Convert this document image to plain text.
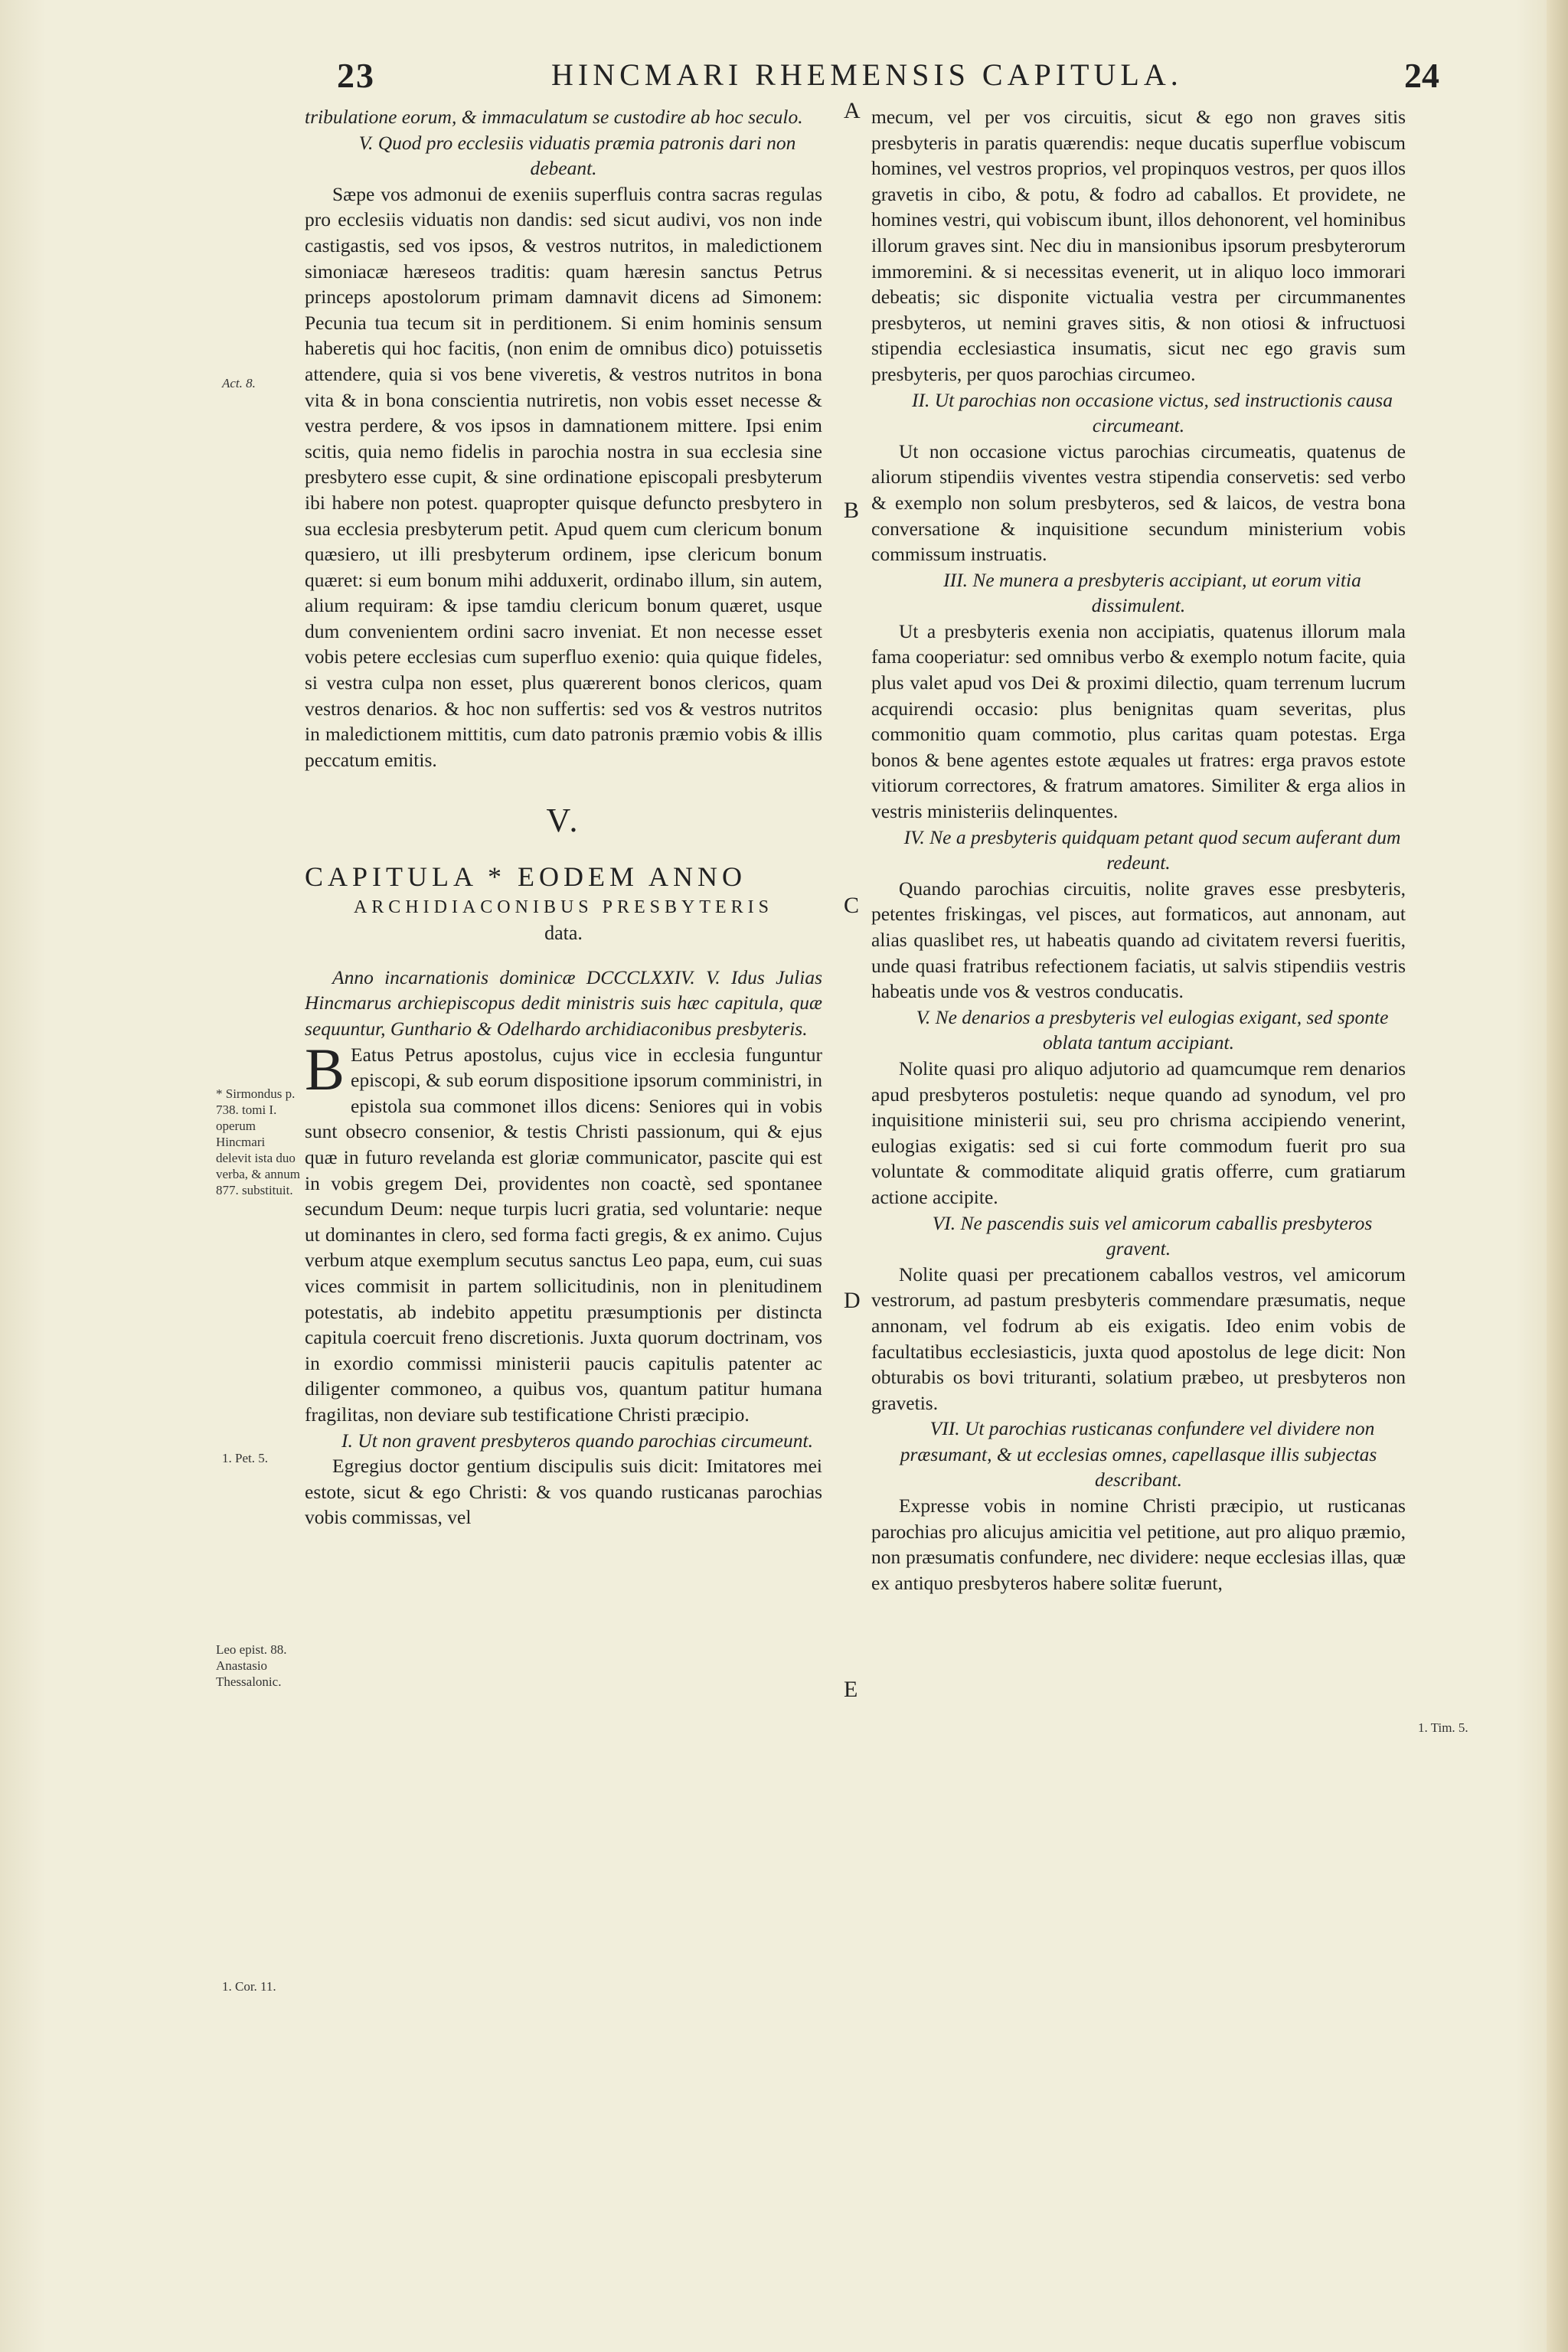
23	HINCMARI RHEMENSIS CAPITULA.	24
A
B
C
D
E
Act. 8.
* Sirmondus p. 738. tomi I. operum Hincmari delevit ista duo verba, & annum 877. substituit.
1. Pet. 5.
Leo epist. 88. Anastasio Thessalonic.
1. Cor. 11.
1. Tim. 5.

tribulatione eorum, & immaculatum se custodire ab hoc seculo.

V. Quod pro ecclesiis viduatis præmia patronis dari non debeant.

Sæpe vos admonui de exeniis superfluis contra sacras regulas pro ecclesiis viduatis non dandis: sed sicut audivi, vos non inde castigastis, sed vos ipsos, & vestros nutritos, in maledictionem simoniacæ hæreseos traditis: quam hæresin sanctus Petrus princeps apostolorum primam damnavit dicens ad Simonem: Pecunia tua tecum sit in perditionem. Si enim hominis sensum haberetis qui hoc facitis, (non enim de omnibus dico) potuissetis attendere, quia si vos bene viveretis, & vestros nutritos in bona vita & in bona conscientia nutriretis, non vobis esset necesse & vestra perdere, & vos ipsos in damnationem mittere. Ipsi enim scitis, quia nemo fidelis in parochia nostra in sua ecclesia sine presbytero esse cupit, & sine ordinatione episcopali presbyterum ibi habere non potest. quapropter quisque defuncto presbytero in sua ecclesia presbyterum petit. Apud quem cum clericum bonum quæsiero, ut illi presbyterum ordinem, ipse clericum bonum quæret: si eum bonum mihi adduxerit, ordinabo illum, sin autem, alium requiram: & ipse tamdiu clericum bonum quæret, usque dum convenientem ordini sacro inveniat. Et non necesse esset vobis petere ecclesias cum superfluo exenio: quia quique fideles, si vestra culpa non esset, plus quærerent bonos clericos, quam vestros denarios. & hoc non suffertis: sed vos & vestros nutritos in maledictionem mittitis, cum dato patronis præmio vobis & illis peccatum emitis.

V.
CAPITULA * EODEM ANNO
ARCHIDIACONIBUS PRESBYTERIS
data.

Anno incarnationis dominicæ DCCCLXXIV. V. Idus Julias Hincmarus archiepiscopus dedit ministris suis hæc capitula, quæ sequuntur, Gunthario & Odelhardo archidiaconibus presbyteris.

B Eatus Petrus apostolus, cujus vice in ecclesia funguntur episcopi, & sub eorum dispositione ipsorum comministri, in epistola sua commonet illos dicens: Seniores qui in vobis sunt obsecro consenior, & testis Christi passionum, qui & ejus quæ in futuro revelanda est gloriæ communicator, pascite qui est in vobis gregem Dei, providentes non coactè, sed spontanee secundum Deum: neque turpis lucri gratia, sed voluntarie: neque ut dominantes in clero, sed forma facti gregis, & ex animo. Cujus verbum atque exemplum secutus sanctus Leo papa, eum, cui suas vices commisit in partem sollicitudinis, non in plenitudinem potestatis, ab indebito appetitu præsumptionis per distincta capitula coercuit freno discretionis. Juxta quorum doctrinam, vos in exordio commissi ministerii paucis capitulis patenter ac diligenter commoneo, a quibus vos, quantum patitur humana fragilitas, non deviare sub testificatione Christi præcipio.

I. Ut non gravent presbyteros quando parochias circumeunt.

Egregius doctor gentium discipulis suis dicit: Imitatores mei estote, sicut & ego Christi: & vos quando rusticanas parochias vobis commissas, vel

mecum, vel per vos circuitis, sicut & ego non graves sitis presbyteris in paratis quærendis: neque ducatis superflue vobiscum homines, vel vestros proprios, vel propinquos vestros, per quos illos gravetis in cibo, & potu, & fodro ad caballos. Et providete, ne homines vestri, qui vobiscum ibunt, illos dehonorent, vel hominibus illorum graves sint. Nec diu in mansionibus ipsorum presbyterorum immoremini. & si necessitas evenerit, ut in aliquo loco immorari debeatis; sic disponite victualia vestra per circummanentes presbyteros, ut nemini graves sitis, & non otiosi & infructuosi stipendia ecclesiastica insumatis, sicut nec ego gravis sum presbyteris, per quos parochias circumeo.

II. Ut parochias non occasione victus, sed instructionis causa circumeant.

Ut non occasione victus parochias circumeatis, quatenus de aliorum stipendiis viventes vestra stipendia conservetis: sed verbo & exemplo non solum presbyteros, sed & laicos, de vestra bona conversatione & inquisitione secundum ministerium vobis commissum instruatis.

III. Ne munera a presbyteris accipiant, ut eorum vitia dissimulent.

Ut a presbyteris exenia non accipiatis, quatenus illorum mala fama cooperiatur: sed omnibus verbo & exemplo notum facite, quia plus valet apud vos Dei & proximi dilectio, quam terrenum lucrum acquirendi occasio: plus benignitas quam severitas, plus commonitio quam commotio, plus caritas quam potestas. Erga bonos & bene agentes estote æquales ut fratres: erga pravos estote vitiorum correctores, & fratrum amatores. Similiter & erga alios in vestris ministeriis delinquentes.

IV. Ne a presbyteris quidquam petant quod secum auferant dum redeunt.

Quando parochias circuitis, nolite graves esse presbyteris, petentes friskingas, vel pisces, aut formaticos, aut annonam, aut alias quaslibet res, ut habeatis quando ad civitatem reversi fueritis, unde quasi fratribus refectionem faciatis, ut salvis stipendiis vestris habeatis unde vos & vestros conducatis.

V. Ne denarios a presbyteris vel eulogias exigant, sed sponte oblata tantum accipiant.

Nolite quasi pro aliquo adjutorio ad quamcumque rem denarios apud presbyteros postuletis: neque quando ad synodum, vel pro inquisitione ministerii sui, seu pro chrisma accipiendo venerint, eulogias exigatis: sed si cui forte commodum fuerit pro sua voluntate & commoditate aliquid gratis offerre, cum gratiarum actione accipite.

VI. Ne pascendis suis vel amicorum caballis presbyteros gravent.

Nolite quasi per precationem caballos vestros, vel amicorum vestrorum, ad pastum presbyteris commendare præsumatis, neque annonam, vel fodrum ab eis exigatis. Ideo enim vobis de facultatibus ecclesiasticis, juxta quod apostolus de lege dicit: Non obturabis os bovi trituranti, solatium præbeo, ut presbyteros non gravetis.

VII. Ut parochias rusticanas confundere vel dividere non præsumant, & ut ecclesias omnes, capellasque illis subjectas describant.

Expresse vobis in nomine Christi præcipio, ut rusticanas parochias pro alicujus amicitia vel petitione, aut pro aliquo præmio, non præsumatis confundere, nec dividere: neque ecclesias illas, quæ ex antiquo presbyteros habere solitæ fuerunt,
